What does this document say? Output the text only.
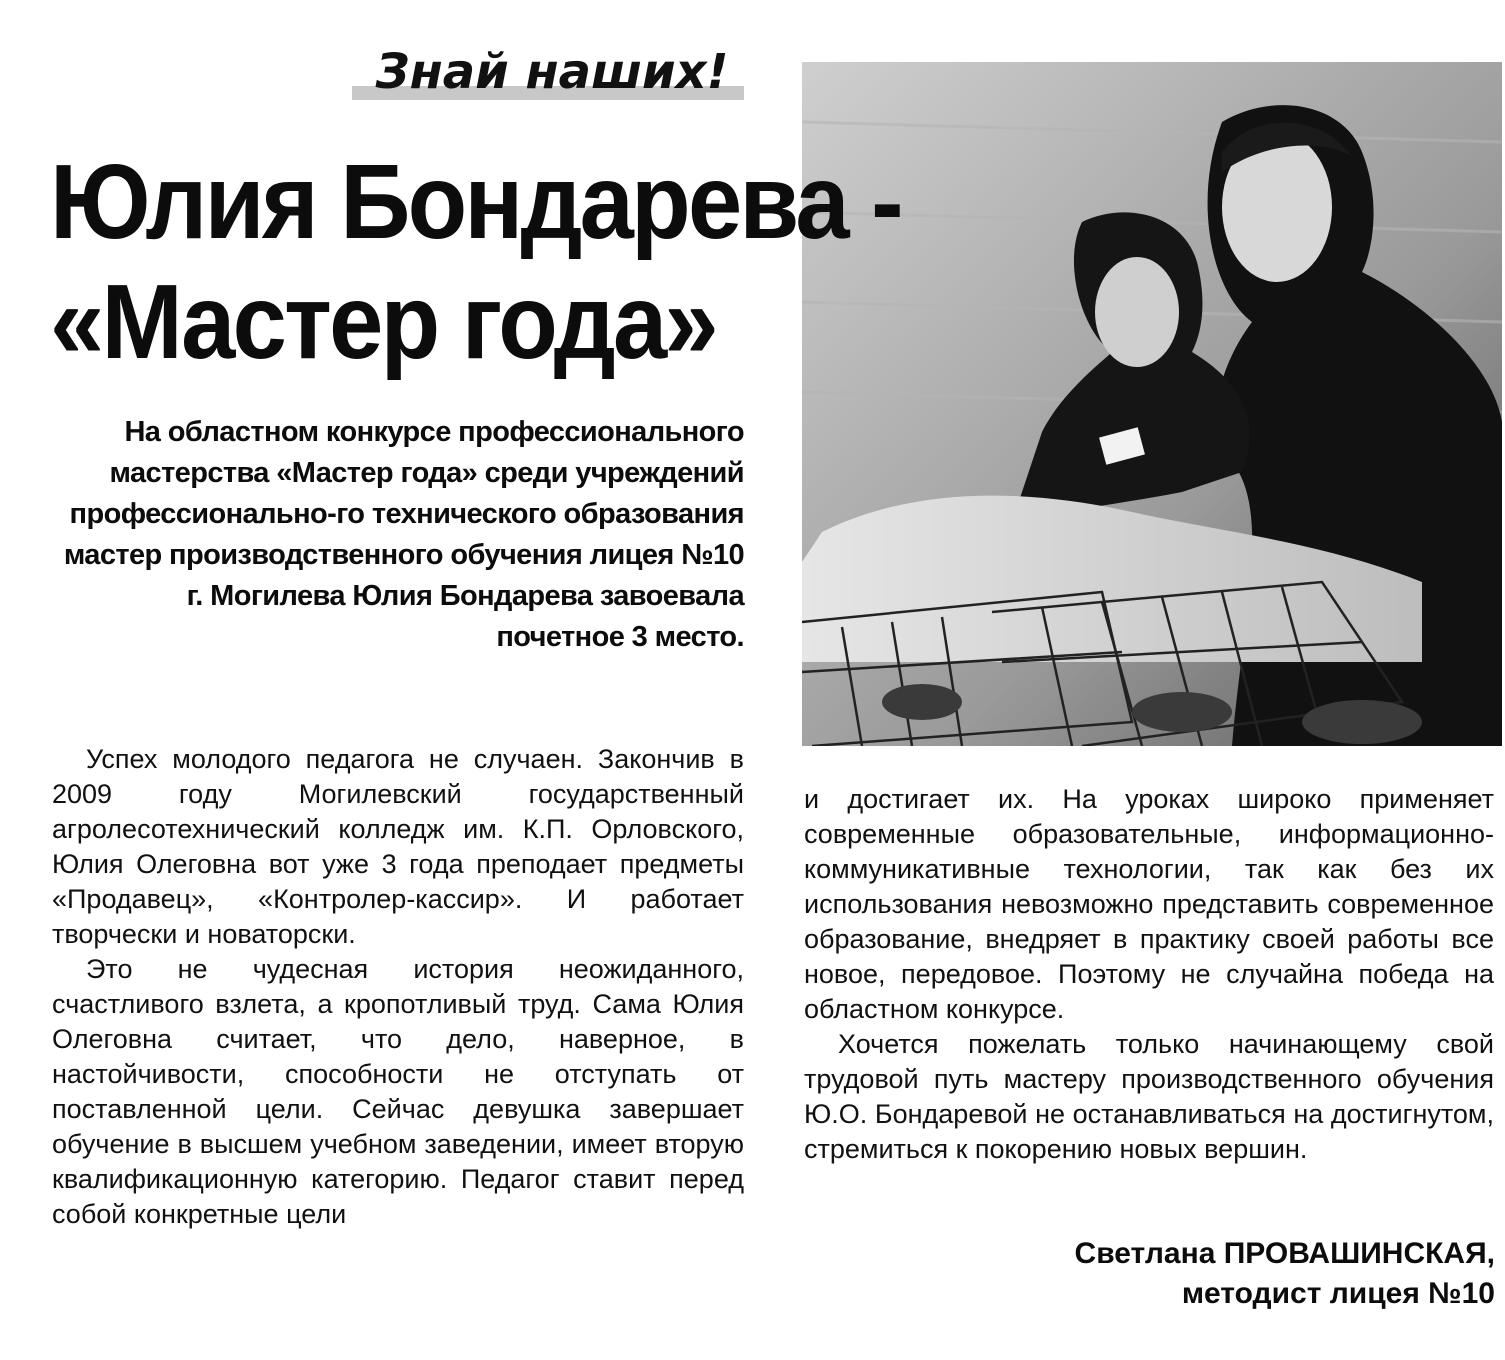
Знай наших!
Юлия Бондарева -
«Мастер года»

На областном конкурсе профессионального мастерства «Мастер года» среди учреждений профессионально-го технического образования мастер производственного обучения лицея №10 г. Могилева Юлия Бондарева завоевала почетное 3 место.

Успех молодого педагога не случаен. Закончив в 2009 году Могилевский государственный агролесотехнический колледж им. К.П. Орловского, Юлия Олеговна вот уже 3 года преподает предметы «Продавец», «Контролер-кассир». И работает творчески и новаторски.

Это не чудесная история неожиданного, счастливого взлета, а кропотливый труд. Сама Юлия Олеговна считает, что дело, наверное, в настойчивости, способности не отступать от поставленной цели. Сейчас девушка завершает обучение в высшем учебном заведении, имеет вторую квалификационную категорию. Педагог ставит перед собой конкретные цели

и достигает их. На уроках широко применяет современные образовательные, информационно-коммуникативные технологии, так как без их использования невозможно представить современное образование, внедряет в практику своей работы все новое, передовое. Поэтому не случайна победа на областном конкурсе.

Хочется пожелать только начинающему свой трудовой путь мастеру производственного обучения Ю.О. Бондаревой не останавливаться на достигнутом, стремиться к покорению новых вершин.

Светлана ПРОВАШИНСКАЯ,
методист лицея №10
